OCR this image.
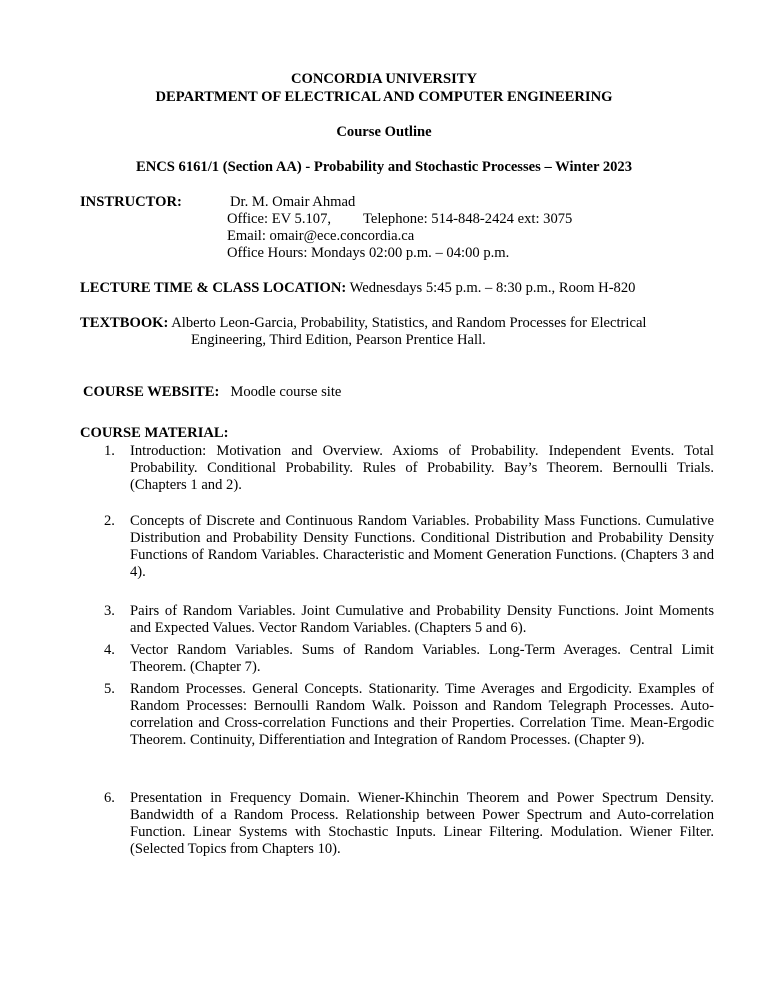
CONCORDIA UNIVERSITY
DEPARTMENT OF ELECTRICAL AND COMPUTER ENGINEERING
Course Outline
ENCS 6161/1 (Section AA) - Probability and Stochastic Processes – Winter 2023
INSTRUCTOR:	Dr. M. Omair Ahmad
Office: EV 5.107, Telephone: 514-848-2424 ext: 3075
Email: omair@ece.concordia.ca
Office Hours: Mondays 02:00 p.m. – 04:00 p.m.
LECTURE TIME & CLASS LOCATION: Wednesdays 5:45 p.m. – 8:30 p.m., Room H-820
TEXTBOOK: Alberto Leon-Garcia, Probability, Statistics, and Random Processes for Electrical
Engineering, Third Edition, Pearson Prentice Hall.
COURSE WEBSITE: Moodle course site
COURSE MATERIAL:
1. Introduction: Motivation and Overview. Axioms of Probability. Independent Events. Total Probability. Conditional Probability. Rules of Probability. Bay’s Theorem. Bernoulli Trials. (Chapters 1 and 2).
2. Concepts of Discrete and Continuous Random Variables. Probability Mass Functions. Cumulative Distribution and Probability Density Functions. Conditional Distribution and Probability Density Functions of Random Variables. Characteristic and Moment Generation Functions. (Chapters 3 and 4).
3. Pairs of Random Variables. Joint Cumulative and Probability Density Functions. Joint Moments and Expected Values. Vector Random Variables. (Chapters 5 and 6).
4. Vector Random Variables. Sums of Random Variables. Long-Term Averages. Central Limit Theorem. (Chapter 7).
5. Random Processes. General Concepts. Stationarity. Time Averages and Ergodicity. Examples of Random Processes: Bernoulli Random Walk. Poisson and Random Telegraph Processes. Auto-correlation and Cross-correlation Functions and their Properties. Correlation Time. Mean-Ergodic Theorem. Continuity, Differentiation and Integration of Random Processes. (Chapter 9).
6. Presentation in Frequency Domain. Wiener-Khinchin Theorem and Power Spectrum Density. Bandwidth of a Random Process. Relationship between Power Spectrum and Auto-correlation Function. Linear Systems with Stochastic Inputs. Linear Filtering. Modulation. Wiener Filter. (Selected Topics from Chapters 10).
